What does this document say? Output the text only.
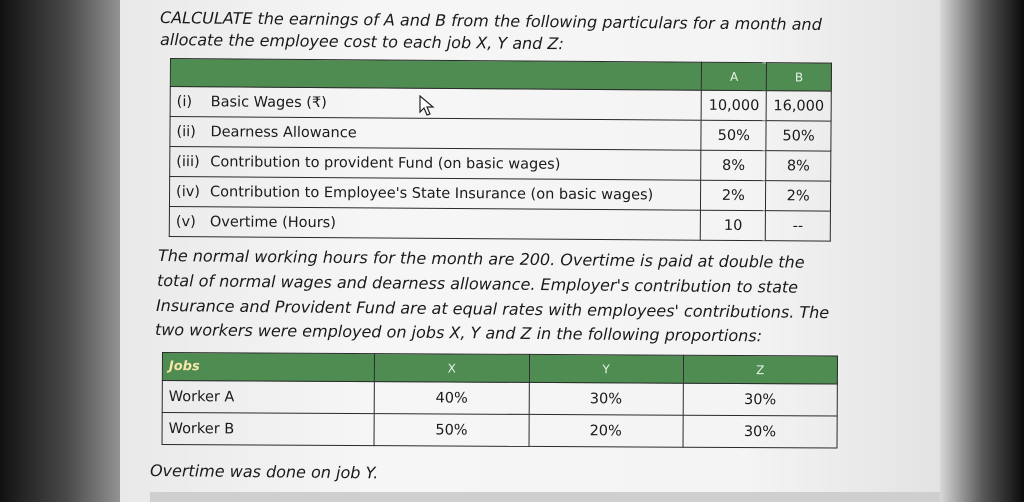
CALCULATE the earnings of A and B from the following particulars for a month and
allocate the employee cost to each job X, Y and Z:
	A	B
(i) Basic Wages (₹)	10,000	16,000
(ii) Dearness Allowance	50%	50%
(iii) Contribution to provident Fund (on basic wages)	8%	8%
(iv) Contribution to Employee's State Insurance (on basic wages)	2%	2%
(v) Overtime (Hours)	10	--
The normal working hours for the month are 200. Overtime is paid at double the
total of normal wages and dearness allowance. Employer's contribution to state
Insurance and Provident Fund are at equal rates with employees' contributions. The
two workers were employed on jobs X, Y and Z in the following proportions:
Jobs	X	Y	Z
Worker A	40%	30%	30%
Worker B	50%	20%	30%
Overtime was done on job Y.
